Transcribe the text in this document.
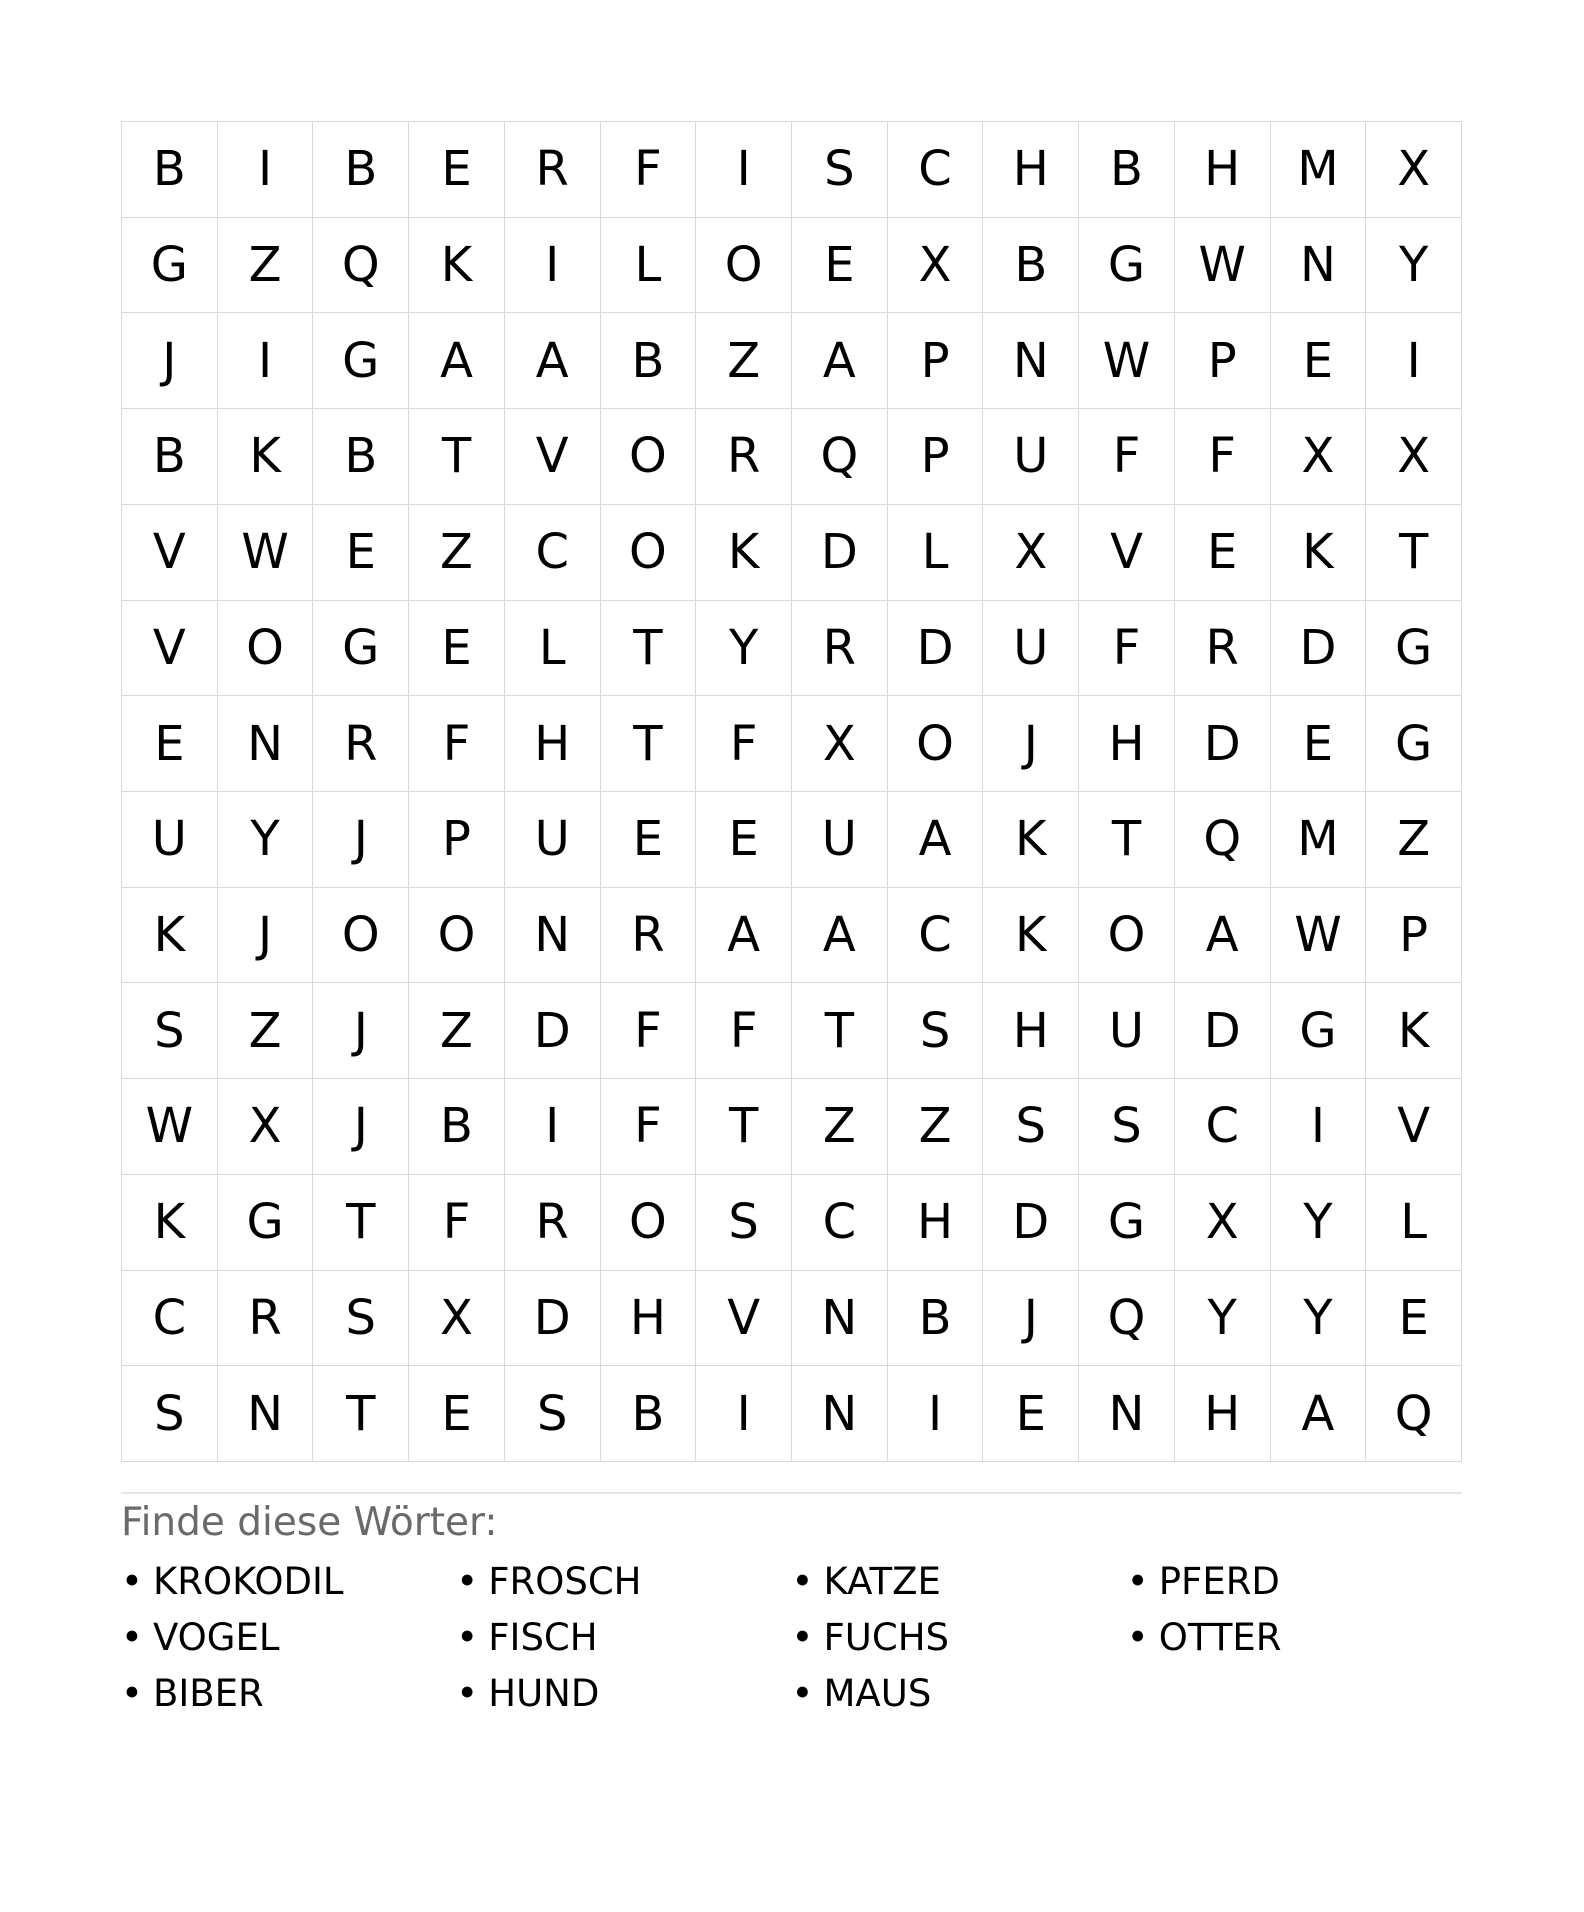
B	I	B	E	R	F	I	S	C	H	B	H	M	X
G	Z	Q	K	I	L	O	E	X	B	G	W	N	Y
J	I	G	A	A	B	Z	A	P	N	W	P	E	I
B	K	B	T	V	O	R	Q	P	U	F	F	X	X
V	W	E	Z	C	O	K	D	L	X	V	E	K	T
V	O	G	E	L	T	Y	R	D	U	F	R	D	G
E	N	R	F	H	T	F	X	O	J	H	D	E	G
U	Y	J	P	U	E	E	U	A	K	T	Q	M	Z
K	J	O	O	N	R	A	A	C	K	O	A	W	P
S	Z	J	Z	D	F	F	T	S	H	U	D	G	K
W	X	J	B	I	F	T	Z	Z	S	S	C	I	V
K	G	T	F	R	O	S	C	H	D	G	X	Y	L
C	R	S	X	D	H	V	N	B	J	Q	Y	Y	E
S	N	T	E	S	B	I	N	I	E	N	H	A	Q
Finde diese Wörter:
• KROKODIL	• FROSCH	• KATZE	• PFERD
• VOGEL	• FISCH	• FUCHS	• OTTER
• BIBER	• HUND	• MAUS
